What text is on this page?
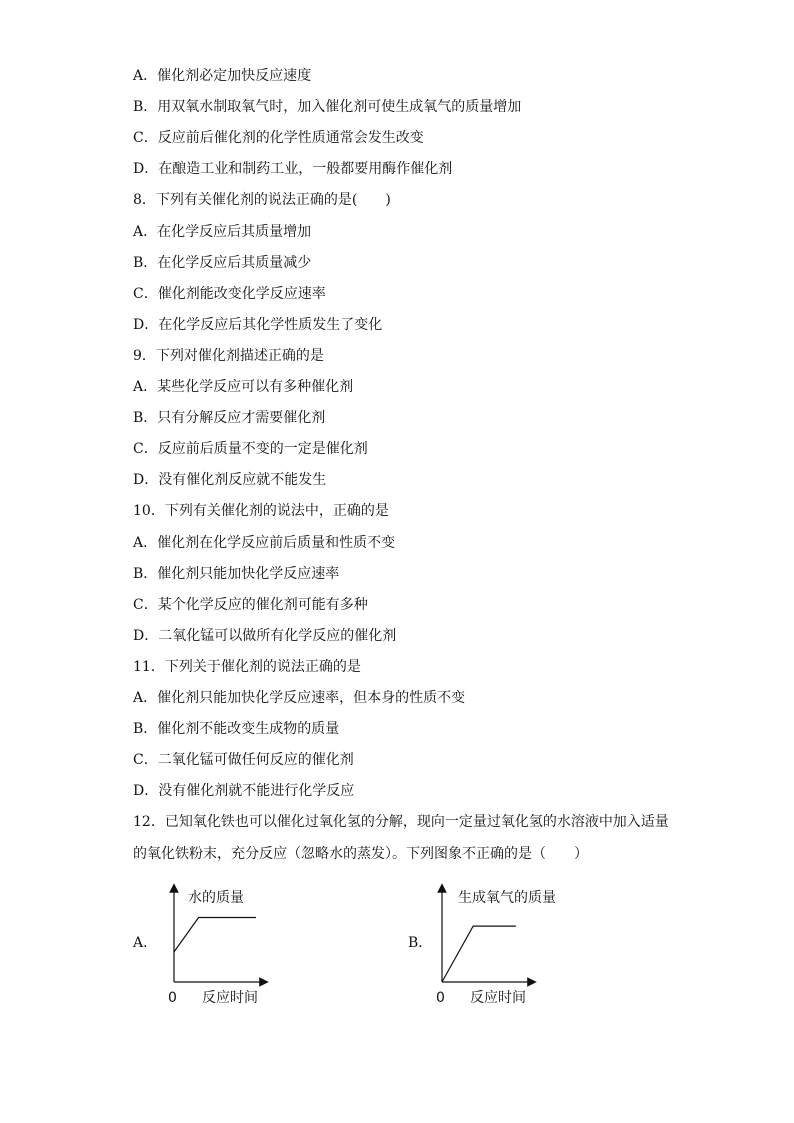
A．催化剂必定加快反应速度
B．用双氧水制取氧气时，加入催化剂可使生成氧气的质量增加
C．反应前后催化剂的化学性质通常会发生改变
D．在酿造工业和制药工业，一般都要用酶作催化剂
8．下列有关催化剂的说法正确的是(　　)
A．在化学反应后其质量增加
B．在化学反应后其质量减少
C．催化剂能改变化学反应速率
D．在化学反应后其化学性质发生了变化
9．下列对催化剂描述正确的是
A．某些化学反应可以有多种催化剂
B．只有分解反应才需要催化剂
C．反应前后质量不变的一定是催化剂
D．没有催化剂反应就不能发生
10．下列有关催化剂的说法中，正确的是
A．催化剂在化学反应前后质量和性质不变
B．催化剂只能加快化学反应速率
C．某个化学反应的催化剂可能有多种
D．二氧化锰可以做所有化学反应的催化剂
11．下列关于催化剂的说法正确的是
A．催化剂只能加快化学反应速率，但本身的性质不变
B．催化剂不能改变生成物的质量
C．二氧化锰可做任何反应的催化剂
D．没有催化剂就不能进行化学反应
12．已知氧化铁也可以催化过氧化氢的分解，现向一定量过氧化氢的水溶液中加入适量
的氧化铁粉末，充分反应（忽略水的蒸发）。下列图象不正确的是（　　）
A．
水的质量
0 反应时间
B．
生成氧气的质量
0 反应时间
